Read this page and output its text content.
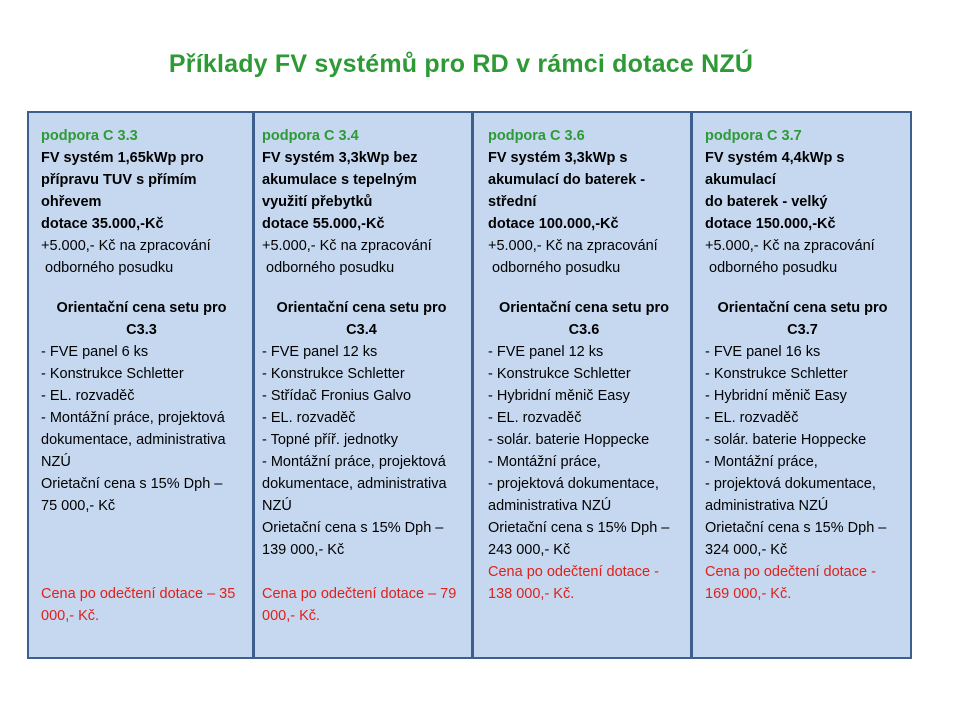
Příklady FV systémů pro RD v rámci dotace NZÚ
podpora C 3.3
FV systém 1,65kWp pro přípravu TUV s přímím ohřevem
dotace 35.000,-Kč
+5.000,- Kč na zpracování
odborného posudku
Orientační cena setu pro C3.3
- FVE panel 6 ks
- Konstrukce Schletter
- EL. rozvaděč
- Montážní práce, projektová dokumentace, administrativa NZÚ
Orietační cena s 15% Dph – 75 000,- Kč
Cena po odečtení dotace – 35 000,- Kč.
podpora C 3.4
FV systém 3,3kWp bez akumulace s tepelným využití přebytků
dotace 55.000,-Kč
+5.000,- Kč na zpracování
odborného posudku
Orientační cena setu pro C3.4
- FVE panel 12 ks
- Konstrukce Schletter
- Střídač Fronius Galvo
- EL. rozvaděč
- Topné příř. jednotky
- Montážní práce, projektová dokumentace, administrativa NZÚ
Orietační cena s 15% Dph – 139 000,- Kč
Cena po odečtení dotace – 79 000,- Kč.
podpora C 3.6
FV systém 3,3kWp s akumulací do baterek - střední
dotace 100.000,-Kč
+5.000,- Kč na zpracování
odborného posudku
Orientační cena setu pro C3.6
- FVE panel 12 ks
- Konstrukce Schletter
- Hybridní měnič Easy
- EL. rozvaděč
- solár. baterie Hoppecke
- Montážní práce,
- projektová dokumentace, administrativa NZÚ
Orietační cena s 15% Dph – 243 000,- Kč
Cena po odečtení dotace - 138 000,- Kč.
podpora C 3.7
FV systém 4,4kWp s akumulací
do baterek - velký
dotace 150.000,-Kč
+5.000,- Kč na zpracování
odborného posudku
Orientační cena setu pro C3.7
- FVE panel 16 ks
- Konstrukce Schletter
- Hybridní měnič Easy
- EL. rozvaděč
- solár. baterie Hoppecke
- Montážní práce,
- projektová dokumentace, administrativa NZÚ
Orietační cena s 15% Dph – 324 000,- Kč
Cena po odečtení dotace - 169 000,- Kč.
